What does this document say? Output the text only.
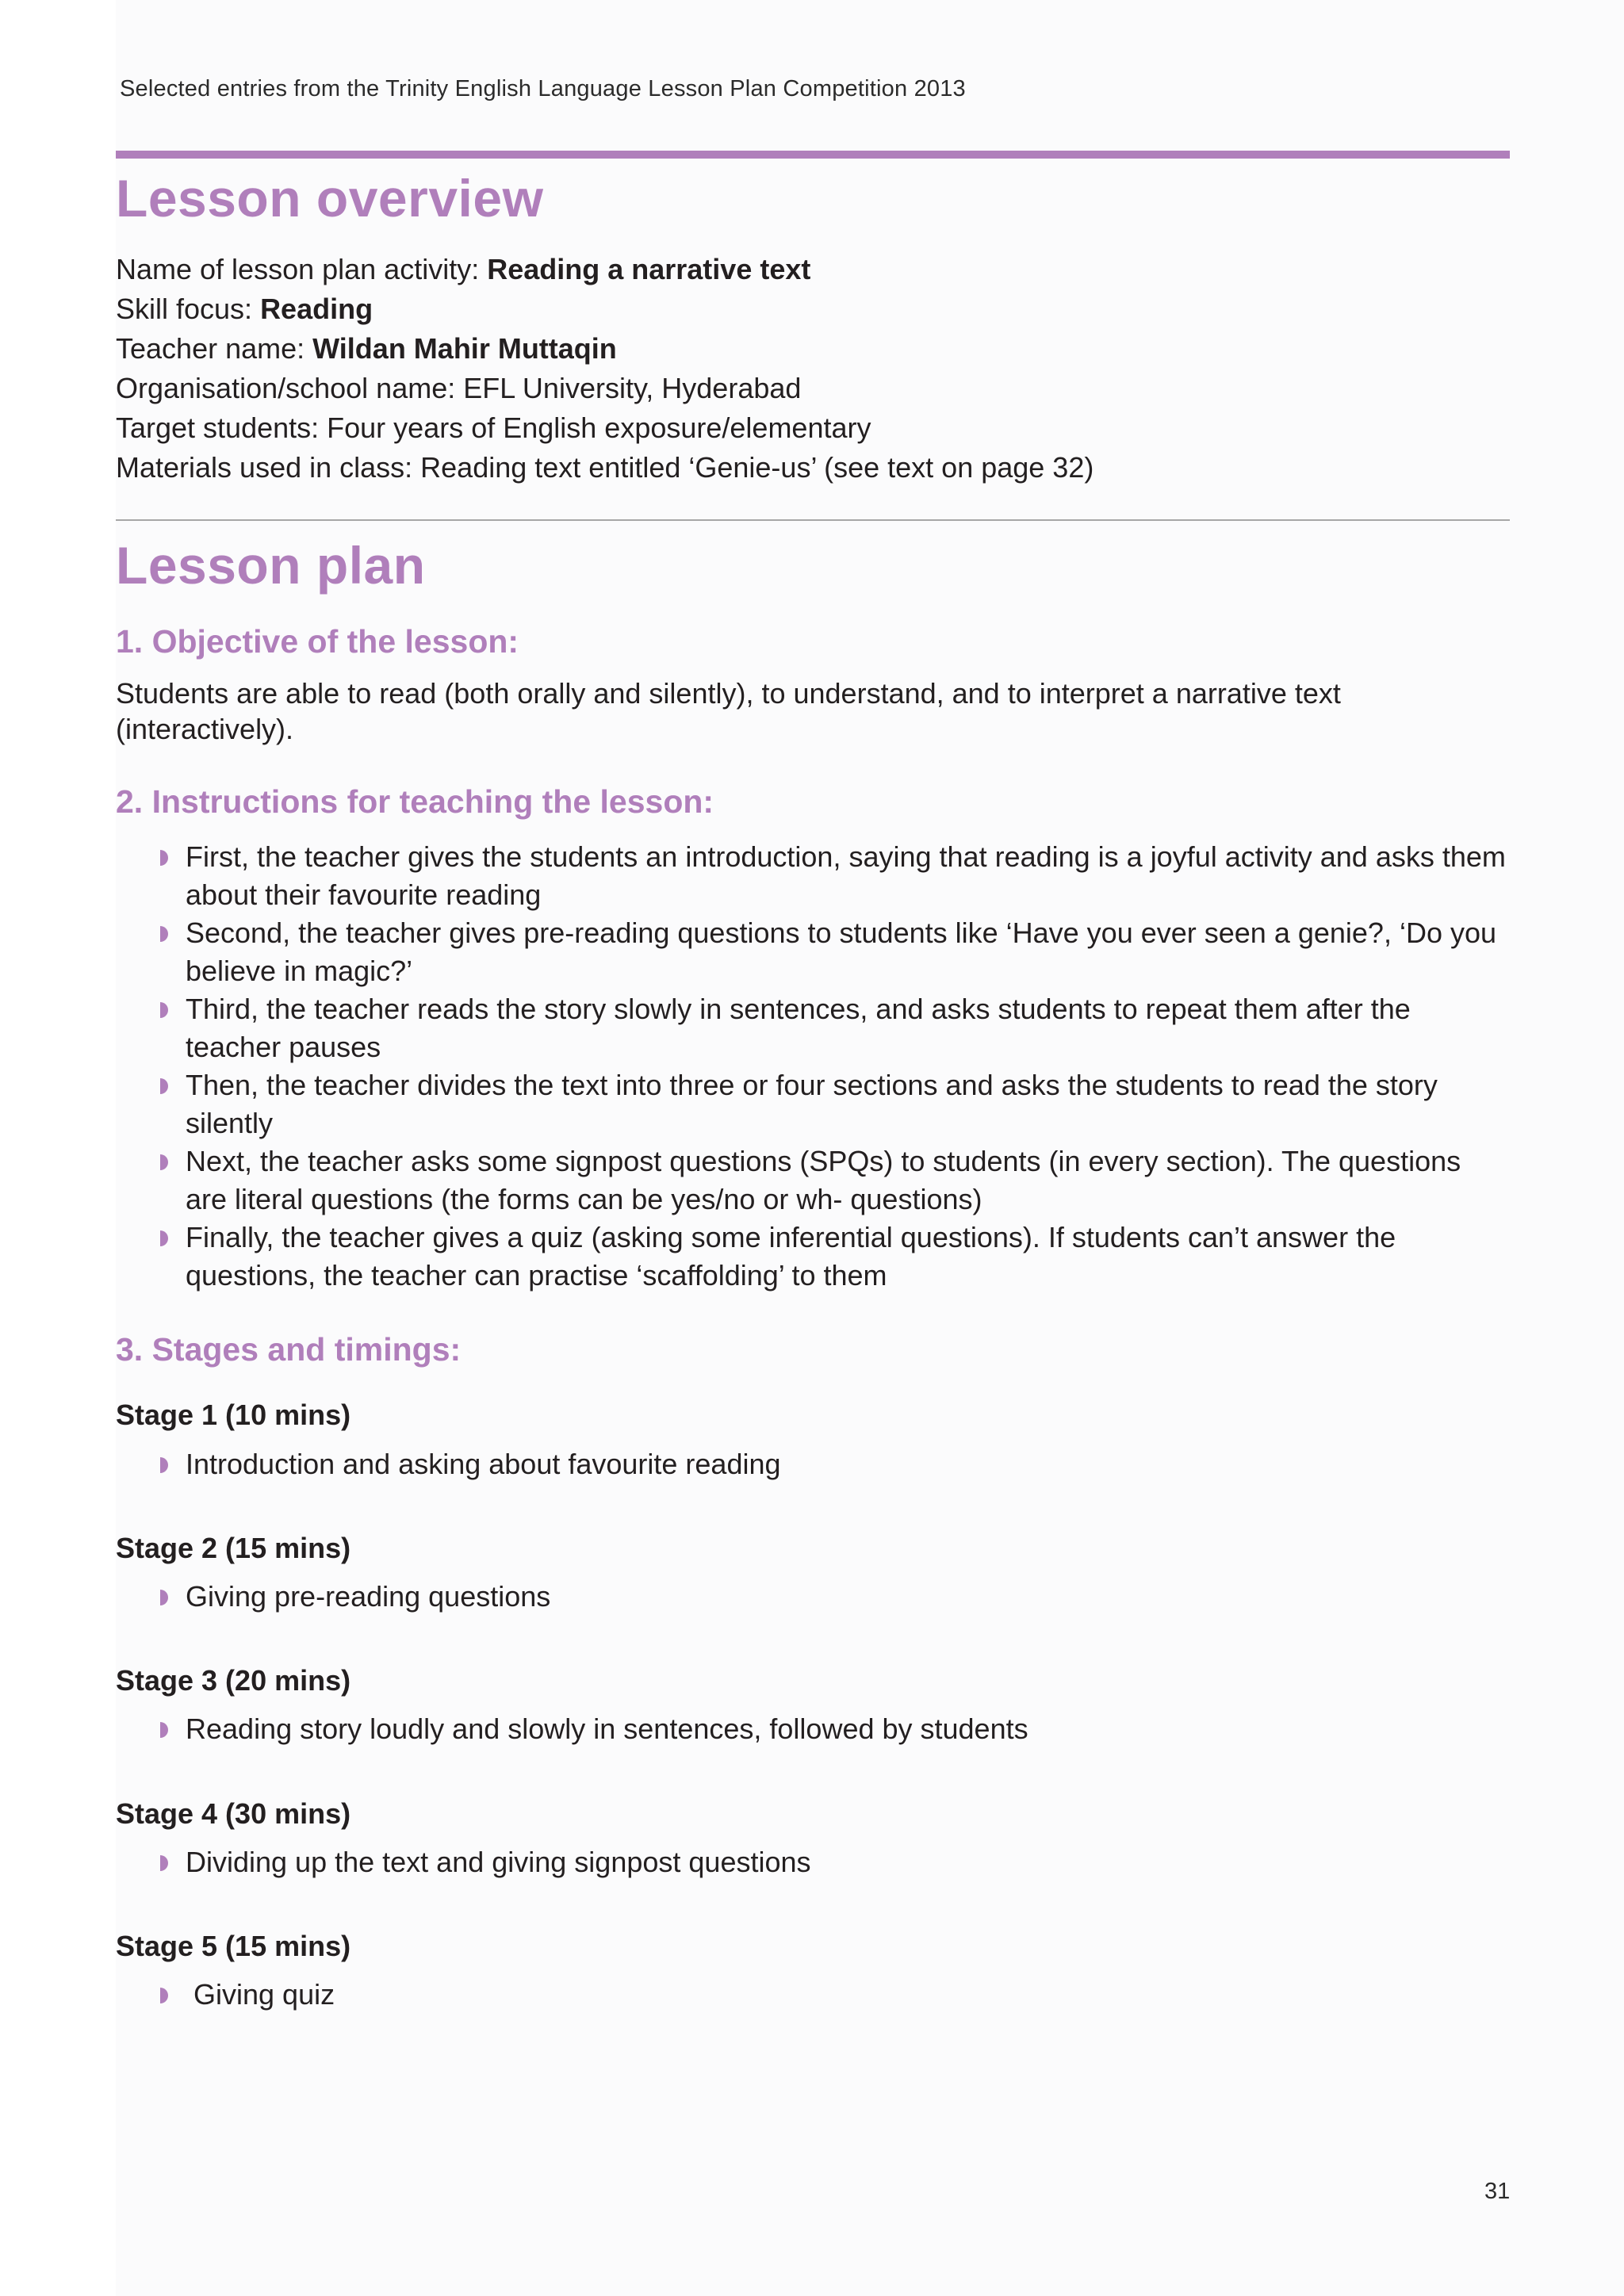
Selected entries from the Trinity English Language Lesson Plan Competition 2013
Lesson overview
Name of lesson plan activity: Reading a narrative text
Skill focus: Reading
Teacher name: Wildan Mahir Muttaqin
Organisation/school name: EFL University, Hyderabad
Target students: Four years of English exposure/elementary
Materials used in class: Reading text entitled ‘Genie-us’ (see text on page 32)
Lesson plan
1. Objective of the lesson:

Students are able to read (both orally and silently), to understand, and to interpret a narrative text (interactively).

2. Instructions for teaching the lesson:
First, the teacher gives the students an introduction, saying that reading is a joyful activity and asks them about their favourite reading
Second, the teacher gives pre-reading questions to students like ‘Have you ever seen a genie?, ‘Do you believe in magic?’
Third, the teacher reads the story slowly in sentences, and asks students to repeat them after the teacher pauses
Then, the teacher divides the text into three or four sections and asks the students to read the story silently
Next, the teacher asks some signpost questions (SPQs) to students (in every section). The questions are literal questions (the forms can be yes/no or wh- questions)
Finally, the teacher gives a quiz (asking some inferential questions). If students can’t answer the questions, the teacher can practise ‘scaffolding’ to them
3. Stages and timings:
Stage 1 (10 mins)
Introduction and asking about favourite reading
Stage 2 (15 mins)
Giving pre-reading questions
Stage 3 (20 mins)
Reading story loudly and slowly in sentences, followed by students
Stage 4 (30 mins)
Dividing up the text and giving signpost questions
Stage 5 (15 mins)
Giving quiz
31
